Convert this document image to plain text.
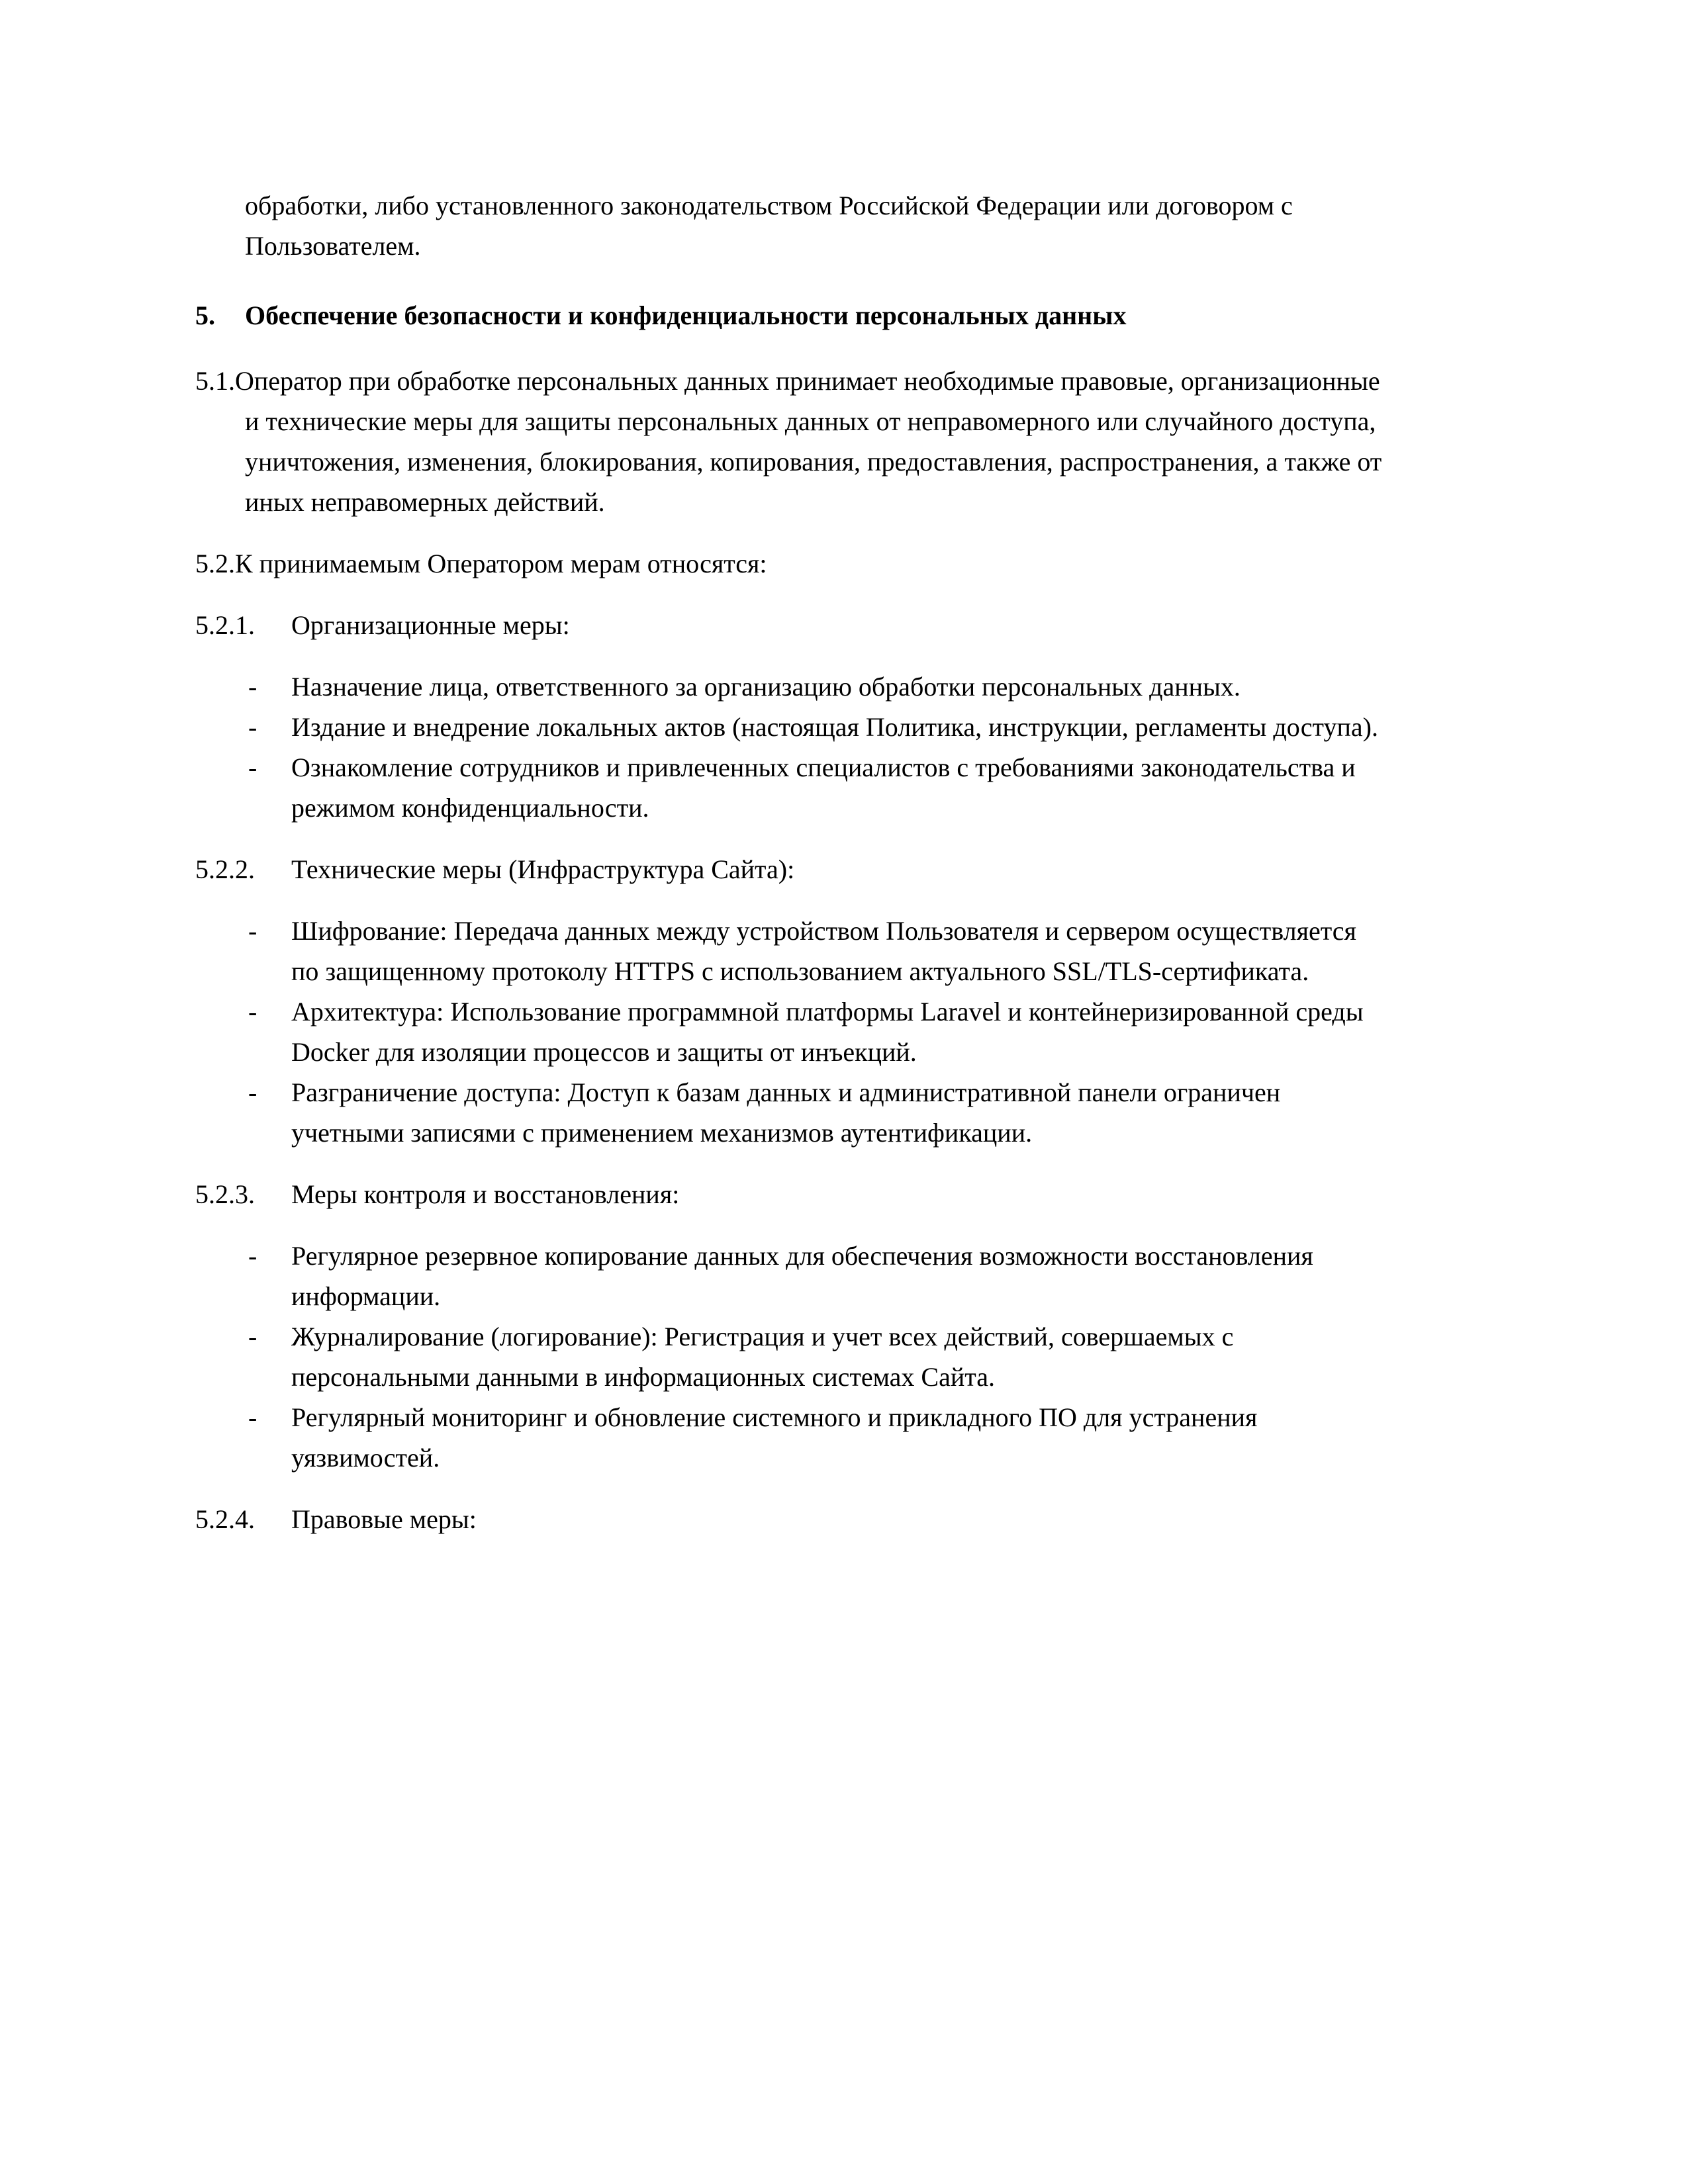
обработки, либо установленного законодательством Российской Федерации или договором с Пользователем.

5.	Обеспечение безопасности и конфиденциальности персональных данных

5.1.Оператор при обработке персональных данных принимает необходимые правовые, организационные и технические меры для защиты персональных данных от неправомерного или случайного доступа, уничтожения, изменения, блокирования, копирования, предоставления, распространения, а также от иных неправомерных действий.

5.2.К принимаемым Оператором мерам относятся:

5.2.1.	Организационные меры:
-	Назначение лица, ответственного за организацию обработки персональных данных.
-	Издание и внедрение локальных актов (настоящая Политика, инструкции, регламенты доступа).
-	Ознакомление сотрудников и привлеченных специалистов с требованиями законодательства и режимом конфиденциальности.
5.2.2.	Технические меры (Инфраструктура Сайта):
-	Шифрование: Передача данных между устройством Пользователя и сервером осуществляется по защищенному протоколу HTTPS с использованием актуального SSL/TLS-сертификата.
-	Архитектура: Использование программной платформы Laravel и контейнеризированной среды Docker для изоляции процессов и защиты от инъекций.
-	Разграничение доступа: Доступ к базам данных и административной панели ограничен учетными записями с применением механизмов аутентификации.
5.2.3.	Меры контроля и восстановления:
-	Регулярное резервное копирование данных для обеспечения возможности восстановления информации.
-	Журналирование (логирование): Регистрация и учет всех действий, совершаемых с персональными данными в информационных системах Сайта.
-	Регулярный мониторинг и обновление системного и прикладного ПО для устранения уязвимостей.
5.2.4.	Правовые меры:
